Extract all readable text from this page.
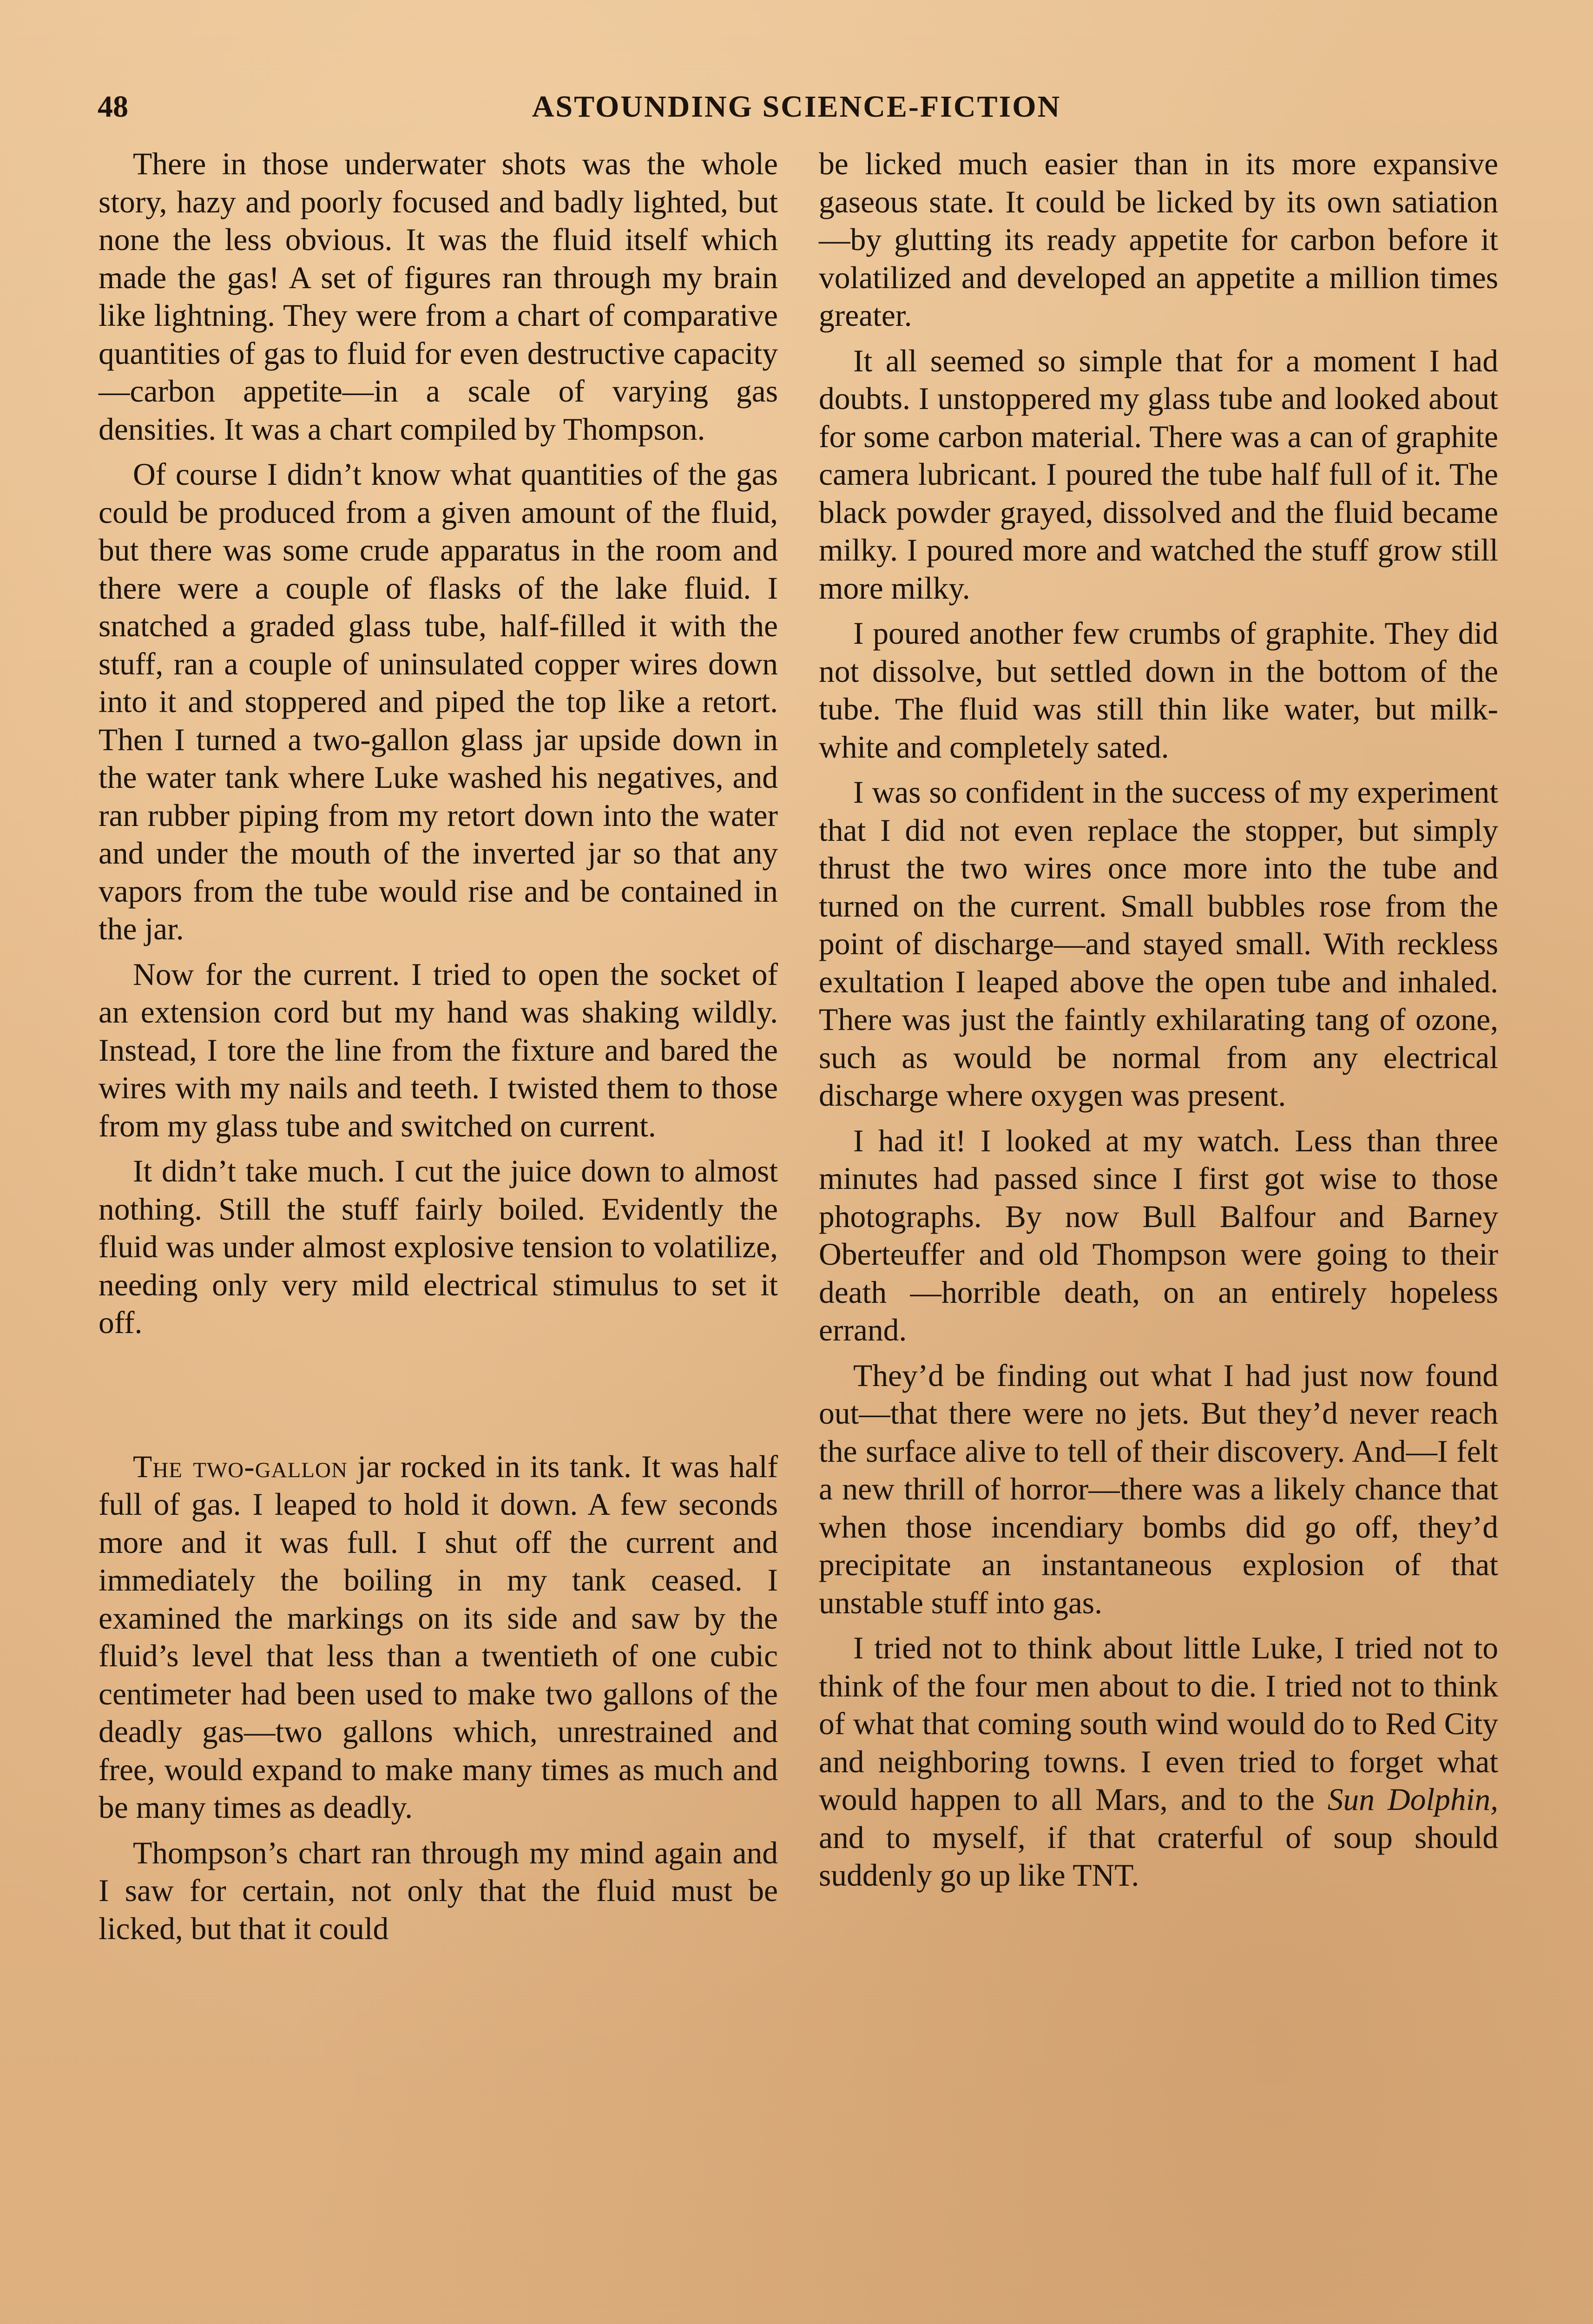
48	ASTOUNDING SCIENCE-FICTION

There in those underwater shots was the whole story, hazy and poorly focused and badly lighted, but none the less obvious. It was the fluid itself which made the gas! A set of figures ran through my brain like lightning. They were from a chart of comparative quantities of gas to fluid for even destructive capacity—carbon appetite—in a scale of varying gas densities. It was a chart compiled by Thompson.

Of course I didn’t know what quantities of the gas could be produced from a given amount of the fluid, but there was some crude apparatus in the room and there were a couple of flasks of the lake fluid. I snatched a graded glass tube, half-filled it with the stuff, ran a couple of uninsulated copper wires down into it and stoppered and piped the top like a retort. Then I turned a two-gallon glass jar upside down in the water tank where Luke washed his negatives, and ran rubber piping from my retort down into the water and under the mouth of the inverted jar so that any vapors from the tube would rise and be contained in the jar.

Now for the current. I tried to open the socket of an extension cord but my hand was shaking wildly. Instead, I tore the line from the fixture and bared the wires with my nails and teeth. I twisted them to those from my glass tube and switched on current.

It didn’t take much. I cut the juice down to almost nothing. Still the stuff fairly boiled. Evidently the fluid was under almost explosive tension to volatilize, needing only very mild electrical stimulus to set it off.

The two-gallon jar rocked in its tank. It was half full of gas. I leaped to hold it down. A few seconds more and it was full. I shut off the current and immediately the boiling in my tank ceased. I examined the markings on its side and saw by the fluid’s level that less than a twentieth of one cubic centimeter had been used to make two gallons of the deadly gas—two gallons which, unrestrained and free, would expand to make many times as much and be many times as deadly.

Thompson’s chart ran through my mind again and I saw for certain, not only that the fluid must be licked, but that it could

be licked much easier than in its more expansive gaseous state. It could be licked by its own satiation—by glutting its ready appetite for carbon before it volatilized and developed an appetite a million times greater.

It all seemed so simple that for a moment I had doubts. I unstoppered my glass tube and looked about for some carbon material. There was a can of graphite camera lubricant. I poured the tube half full of it. The black powder grayed, dissolved and the fluid became milky. I poured more and watched the stuff grow still more milky.

I poured another few crumbs of graphite. They did not dissolve, but settled down in the bottom of the tube. The fluid was still thin like water, but milk-white and completely sated.

I was so confident in the success of my experiment that I did not even replace the stopper, but simply thrust the two wires once more into the tube and turned on the current. Small bubbles rose from the point of discharge—and stayed small. With reckless exultation I leaped above the open tube and inhaled. There was just the faintly exhilarating tang of ozone, such as would be normal from any electrical discharge where oxygen was present.

I had it! I looked at my watch. Less than three minutes had passed since I first got wise to those photographs. By now Bull Balfour and Barney Oberteuffer and old Thompson were going to their death —horrible death, on an entirely hopeless errand.

They’d be finding out what I had just now found out—that there were no jets. But they’d never reach the surface alive to tell of their discovery. And—I felt a new thrill of horror—there was a likely chance that when those incendiary bombs did go off, they’d precipitate an instantaneous explosion of that unstable stuff into gas.

I tried not to think about little Luke, I tried not to think of the four men about to die. I tried not to think of what that coming south wind would do to Red City and neighboring towns. I even tried to forget what would happen to all Mars, and to the Sun Dolphin, and to myself, if that craterful of soup should suddenly go up like TNT.
